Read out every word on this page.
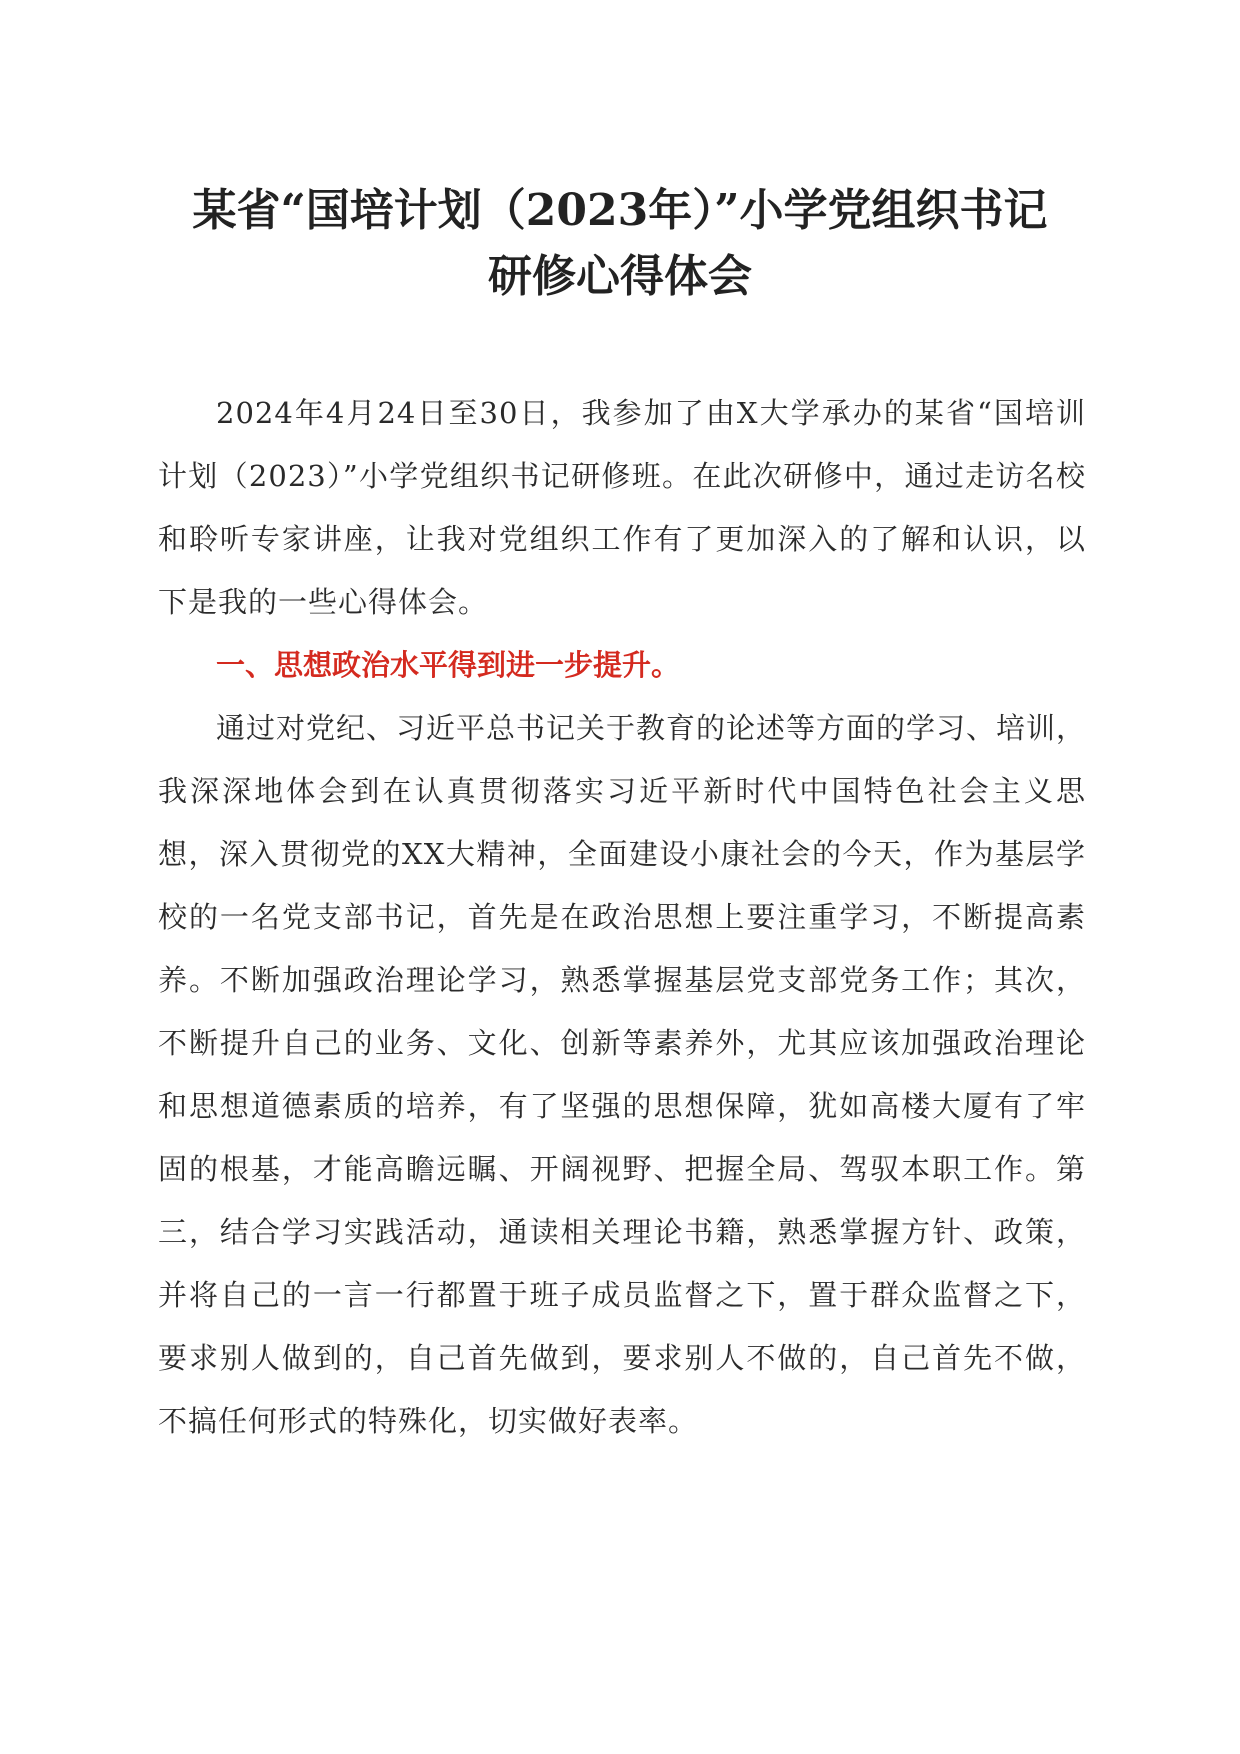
某省“国培计划（2023年）”小学党组织书记
研修心得体会

2024年4月24日至30日，我参加了由X大学承办的某省“国培训计划（2023）”小学党组织书记研修班。在此次研修中，通过走访名校和聆听专家讲座，让我对党组织工作有了更加深入的了解和认识，以下是我的一些心得体会。

一、思想政治水平得到进一步提升。

通过对党纪、习近平总书记关于教育的论述等方面的学习、培训，我深深地体会到在认真贯彻落实习近平新时代中国特色社会主义思想，深入贯彻党的XX大精神，全面建设小康社会的今天，作为基层学校的一名党支部书记，首先是在政治思想上要注重学习，不断提高素养。不断加强政治理论学习，熟悉掌握基层党支部党务工作；其次，不断提升自己的业务、文化、创新等素养外，尤其应该加强政治理论和思想道德素质的培养，有了坚强的思想保障，犹如高楼大厦有了牢固的根基，才能高瞻远瞩、开阔视野、把握全局、驾驭本职工作。第三，结合学习实践活动，通读相关理论书籍，熟悉掌握方针、政策，并将自己的一言一行都置于班子成员监督之下，置于群众监督之下，要求别人做到的，自己首先做到，要求别人不做的，自己首先不做，不搞任何形式的特殊化，切实做好表率。
